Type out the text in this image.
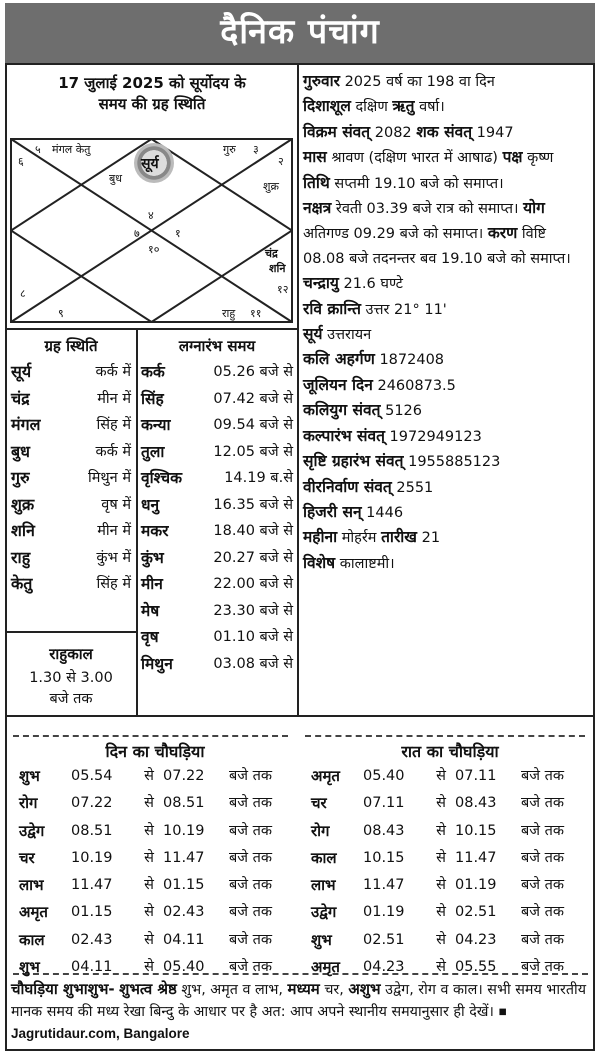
दैनिक पंचांग
17 जुलाई 2025 को सूर्योदय के
समय की ग्रह स्थिति
५ मंगल केतु
६	सूर्य
बुध
गुरु ३
२
शुक्र
४
७	१
१०	चंद्र
शनि
१२
८
९	राहु ११
ग्रह स्थिति
सूर्य	कर्क में
चंद्र	मीन में
मंगल	सिंह में
बुध	कर्क में
गुरु	मिथुन में
शुक्र	वृष में
शनि	मीन में
राहु	कुंभ में
केतु	सिंह में
राहुकाल
1.30 से 3.00
बजे तक
लग्नारंभ समय
कर्क	05.26 बजे से
सिंह	07.42 बजे से
कन्या	09.54 बजे से
तुला	12.05 बजे से
वृश्चिक	14.19 ब.से
धनु	16.35 बजे से
मकर	18.40 बजे से
कुंभ	20.27 बजे से
मीन	22.00 बजे से
मेष	23.30 बजे से
वृष	01.10 बजे से
मिथुन	03.08 बजे से

गुरुवार 2025 वर्ष का 198 वा दिन

दिशाशूल दक्षिण ऋतु वर्षा।

विक्रम संवत् 2082 शक संवत् 1947

मास श्रावण (दक्षिण भारत में आषाढ) पक्ष कृष्ण

तिथि सप्तमी 19.10 बजे को समाप्त।

नक्षत्र रेवती 03.39 बजे रात्र को समाप्त। योग अतिगण्ड 09.29 बजे को समाप्त। करण विष्टि 08.08 बजे तदनन्तर बव 19.10 बजे को समाप्त।

चन्द्रायु 21.6 घण्टे

रवि क्रान्ति उत्तर 21° 11'

सूर्य उत्तरायन

कलि अहर्गण 1872408

जूलियन दिन 2460873.5

कलियुग संवत् 5126

कल्पारंभ संवत् 1972949123

सृष्टि ग्रहारंभ संवत् 1955885123

वीरनिर्वाण संवत् 2551

हिजरी सन् 1446

महीना मोहर्रम तारीख 21

विशेष कालाष्टमी।

दिन का चौघड़िया
शुभ	05.54	से 07.22	बजे तक
रोग	07.22	से 08.51	बजे तक
उद्वेग	08.51	से 10.19	बजे तक
चर	10.19	से 11.47	बजे तक
लाभ	11.47	से 01.15	बजे तक
अमृत	01.15	से 02.43	बजे तक
काल	02.43	से 04.11	बजे तक
शुभ	04.11	से 05.40	बजे तक
रात का चौघड़िया
अमृत	05.40	से 07.11	बजे तक
चर	07.11	से 08.43	बजे तक
रोग	08.43	से 10.15	बजे तक
काल	10.15	से 11.47	बजे तक
लाभ	11.47	से 01.19	बजे तक
उद्वेग	01.19	से 02.51	बजे तक
शुभ	02.51	से 04.23	बजे तक
अमृत	04.23	से 05.55	बजे तक
चौघड़िया शुभाशुभ- शुभत्व श्रेष्ठ शुभ, अमृत व लाभ, मध्यम चर, अशुभ उद्वेग, रोग व काल। सभी समय भारतीय मानक समय की मध्य रेखा बिन्दु के आधार पर है अत: आप अपने स्थानीय समयानुसार ही देखें। ■ Jagrutidaur.com, Bangalore
